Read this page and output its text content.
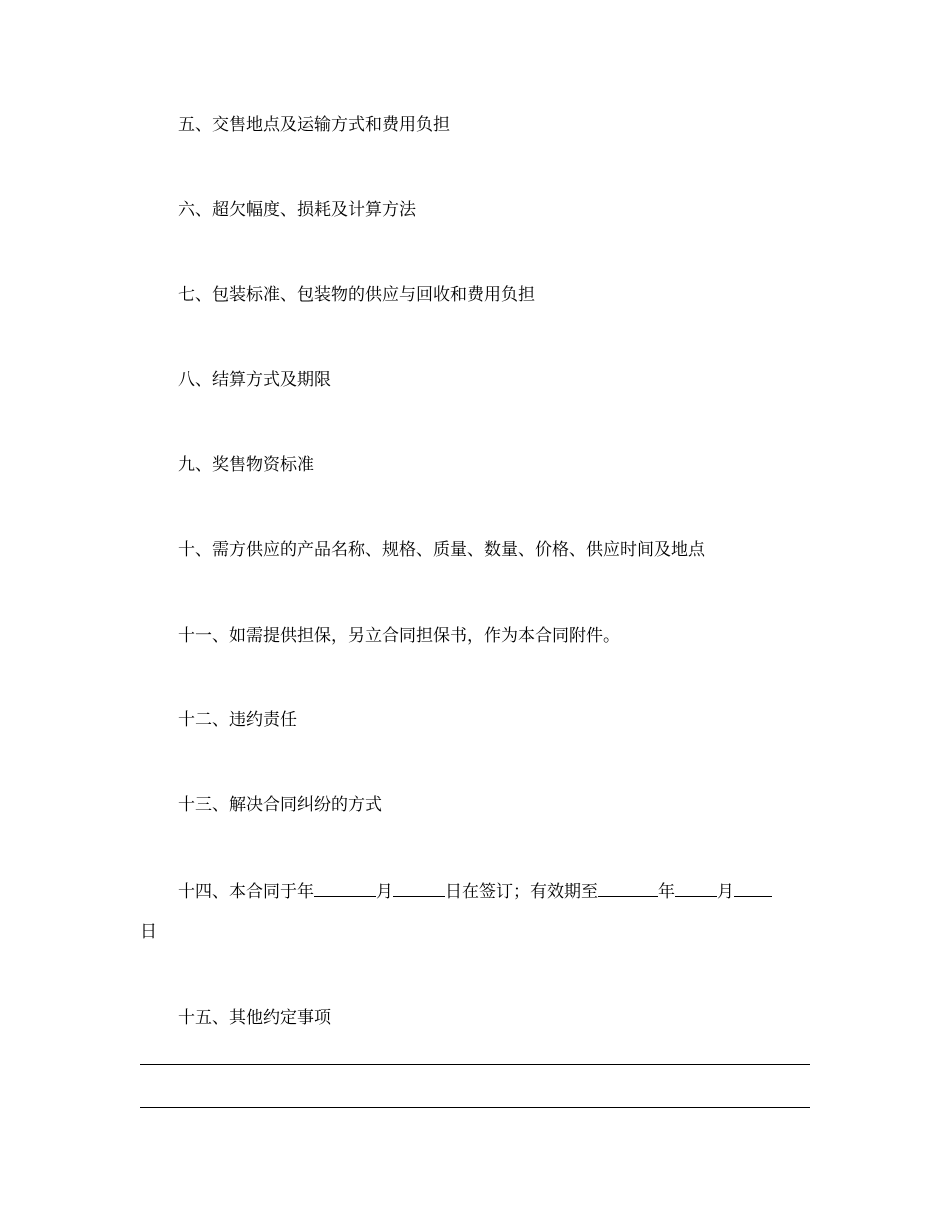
五、交售地点及运输方式和费用负担
六、超欠幅度、损耗及计算方法
七、包装标准、包装物的供应与回收和费用负担
八、结算方式及期限
九、奖售物资标准
十、需方供应的产品名称、规格、质量、数量、价格、供应时间及地点
十一、如需提供担保，另立合同担保书，作为本合同附件。
十二、违约责任
十三、解决合同纠纷的方式
十四、本合同于年	月	日在签订；有效期至	年 月
日
十五、其他约定事项
